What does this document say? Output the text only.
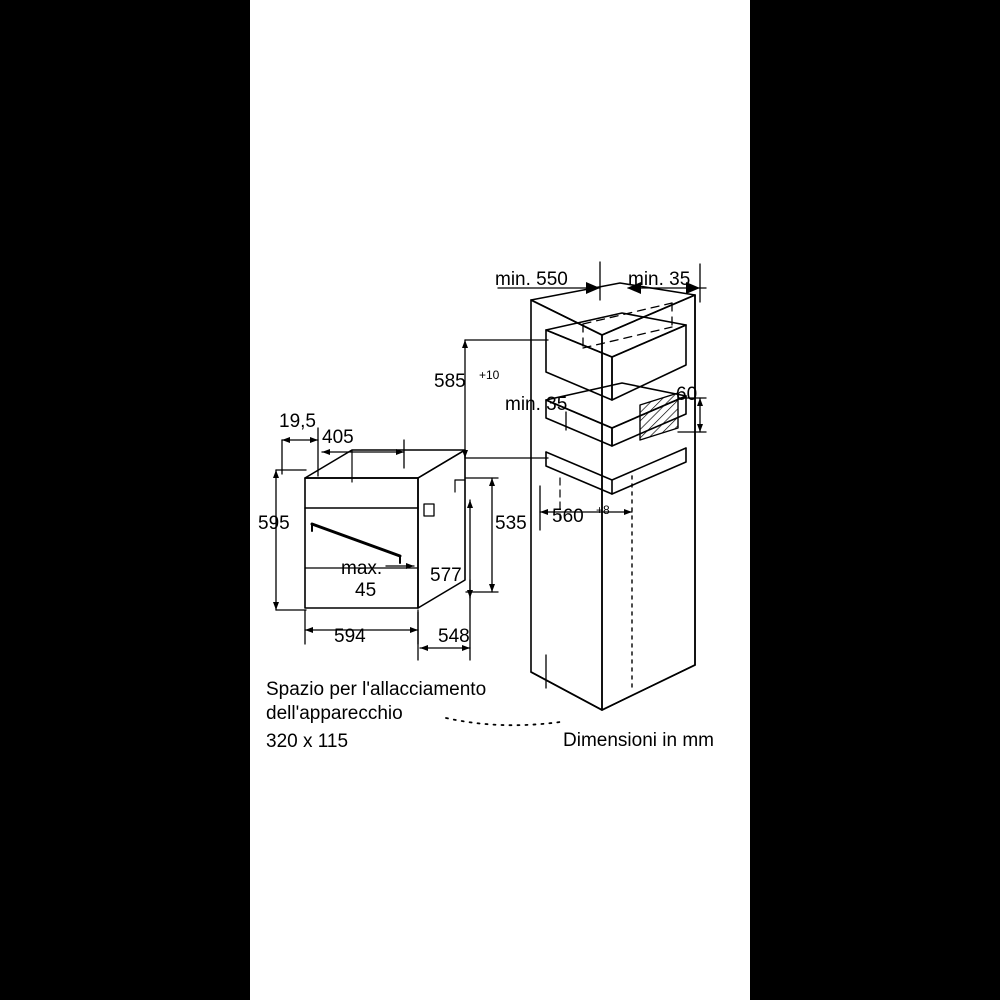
min. 550	min. 35
585 +10
min. 35	60
560 +8
19,5
405
595	535
577
max.
45
594	548
Spazio per l'allacciamento
dell'apparecchio
320 x 115	Dimensioni in mm
